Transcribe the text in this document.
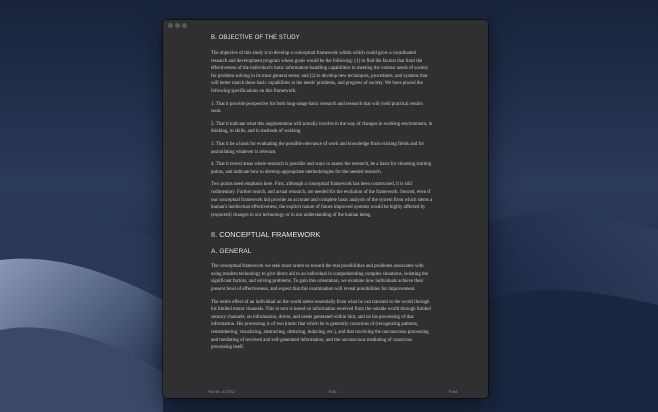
B. OBJECTIVE OF THE STUDY

The objective of this study is to develop a conceptual framework within which could grow a coordinated research and development program whose goals would be the following: (1) to find the factors that limit the effectiveness of the individual's basic information-handling capabilities in meeting the various needs of society for problem solving in its most general sense; and (2) to develop new techniques, procedures, and systems that will better match these basic capabilities to the needs' problems, and progress of society. We have placed the following specifications on this framework:

1. That it provide perspective for both long-range basic research and research that will yield practical results soon.

2. That it indicate what this augmentation will actually involve in the way of changes in working environment, in thinking, in skills, and in methods of working.

3. That it be a basis for evaluating the possible relevance of work and knowledge from existing fields and for assimilating whatever is relevant.

4. That it reveal areas where research is possible and ways to assess the research, be a basis for choosing starting points, and indicate how to develop appropriate methodologies for the needed research.

Two points need emphasis here. First, although a conceptual framework has been constructed, it is still rudimentary. Further search, and actual research, are needed for the evolution of the framework. Second, even if our conceptual framework did provide an accurate and complete basic analysis of the system from which stems a human's intellectual effectiveness, the explicit nature of future improved systems would be highly affected by (expected) changes in our technology or in our understanding of the human being

II. CONCEPTUAL FRAMEWORK
A. GENERAL

The conceptual framework we seek must orient us toward the real possibilities and problems associated with using modern technology to give direct aid to an individual in comprehending complex situations, isolating the significant factors, and solving problems. To gain this orientation, we examine how individuals achieve their present level of effectiveness, and expect that this examination will reveal possibilities for improvement.

The entire effect of an individual on the world stems essentially from what he can transmit to the world through his limited motor channels. This in turn is based on information received from the outside world through limited sensory channels; on information, drives, and needs generated within him; and on his processing of that information. His processing is of two kinds: that which he is generally conscious of (recognizing patterns, remembering, visualizing, abstracting, deducing, inducing, etc.), and that involving the unconscious processing and mediating of received and self-generated information, and the unconscious mediating of conscious processing itself.

Words: 42,832	Edit	Find
